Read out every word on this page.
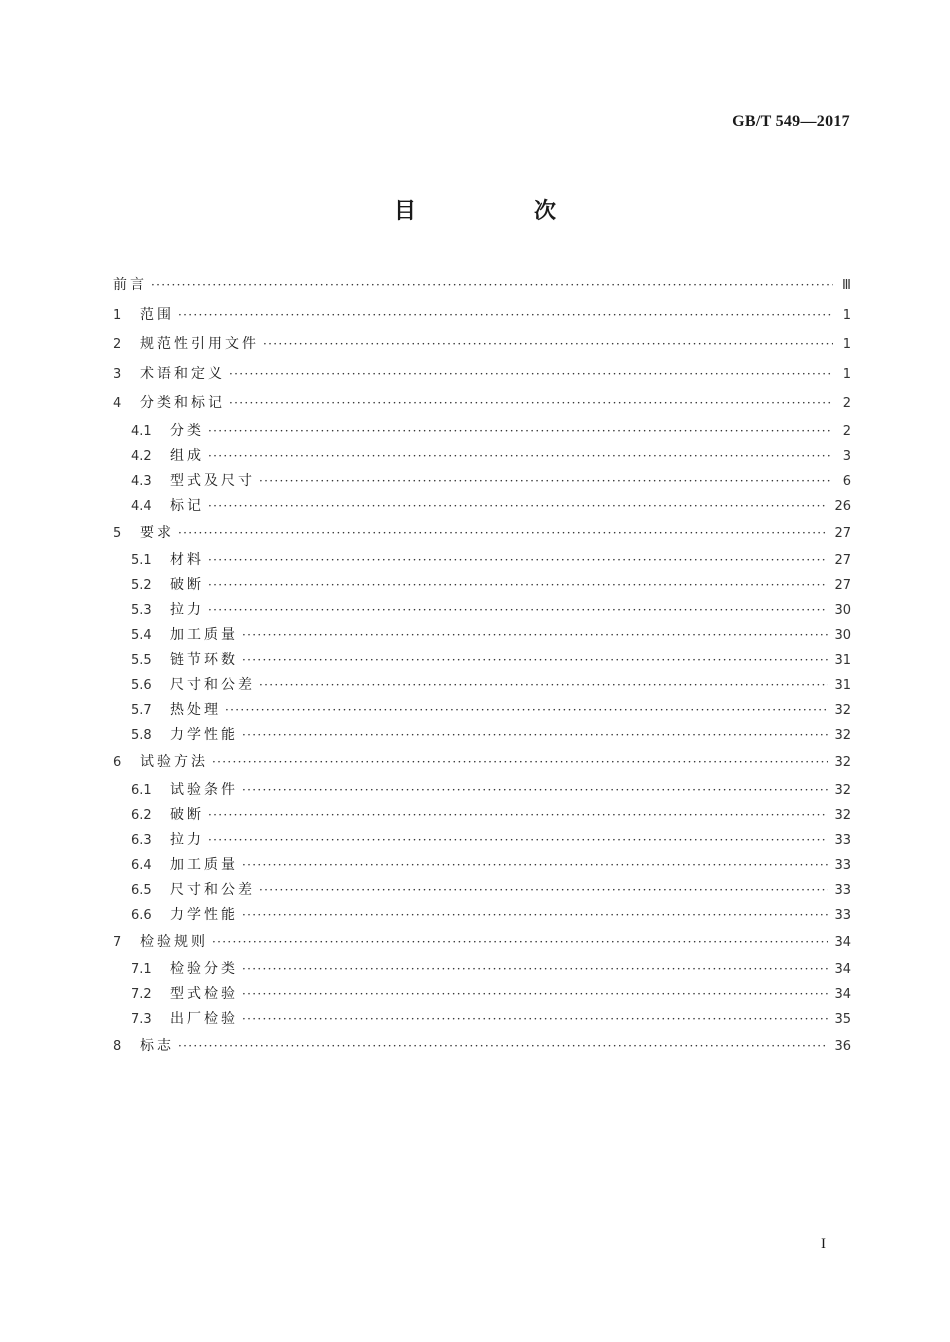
GB/T 549—2017
目　次
前言 ·····	Ⅲ
1	范围 ·····	1
2	规范性引用文件 ·····	1
3	术语和定义 ·····	1
4	分类和标记 ·····	2
4.1	分类 ·····	2
4.2	组成 ·····	3
4.3	型式及尺寸 ·····	6
4.4	标记 ·····	26
5	要求 ·····	27
5.1	材料 ·····	27
5.2	破断 ·····	27
5.3	拉力 ·····	30
5.4	加工质量 ·····	30
5.5	链节环数 ·····	31
5.6	尺寸和公差 ·····	31
5.7	热处理 ·····	32
5.8	力学性能 ·····	32
6	试验方法 ·····	32
6.1	试验条件 ·····	32
6.2	破断 ·····	32
6.3	拉力 ·····	33
6.4	加工质量 ·····	33
6.5	尺寸和公差 ·····	33
6.6	力学性能 ·····	33
7	检验规则 ·····	34
7.1	检验分类 ·····	34
7.2	型式检验 ·····	34
7.3	出厂检验 ·····	35
8	标志 ·····	36
I
